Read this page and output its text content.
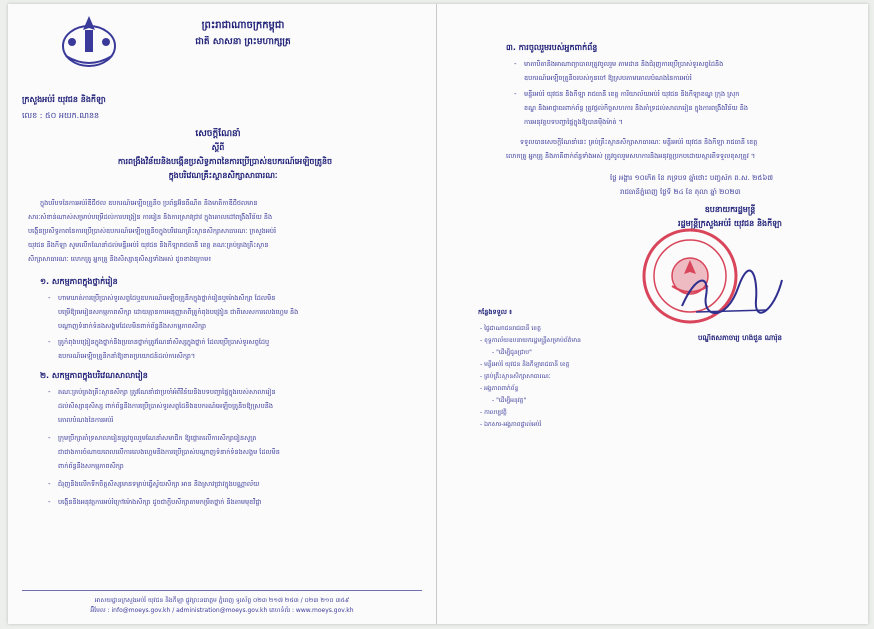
ព្រះរាជាណាចក្រកម្ពុជា
ជាតិ សាសនា ព្រះមហាក្សត្រ
ក្រសួងអប់រំ យុវជន និងកីឡា
លេខ : ៥០ អយក.ណនន
សេចក្តីណែនាំ
ស្តីពី
ការពង្រឹងវិន័យនិងបង្កើនប្រសិទ្ធភាពនៃការប្រើប្រាស់ឧបករណ៍អេឡិចត្រូនិច
ក្នុងបរិវេណគ្រឹះស្ថានសិក្សាសាធារណៈ
ក្នុងបរិបទនៃការអប់រំឌីជីថល ឧបករណ៍អេឡិចត្រូនិច ប្រព័ន្ធអ៊ីនធឺណិត និងមាតិកាឌីជីថលមាន
សារៈសំខាន់ណាស់សម្រាប់បម្រើដល់ការបង្រៀន ការរៀន និងការស្រាវជ្រាវ ក្នុងគោលដៅពង្រឹងវិន័យ និង
បង្កើនប្រសិទ្ធភាពនៃការប្រើប្រាស់ឧបករណ៍អេឡិចត្រូនិចក្នុងបរិវេណគ្រឹះស្ថានសិក្សាសាធារណៈ ក្រសួងអប់រំ
យុវជន និងកីឡា សូមលើកណែនាំដល់មន្ទីរអប់រំ យុវជន និងកីឡារាជធានី ខេត្ត គណៈគ្រប់គ្រងគ្រឹះស្ថាន
សិក្សាសាធារណៈ លោកគ្រូ អ្នកគ្រូ និងសិស្សានុសិស្សទាំងអស់ ដូចខាងក្រោម៖
១. សកម្មភាពក្នុងថ្នាក់រៀន
- ហាមឃាត់ការប្រើប្រាស់ទូរសព្ទដៃឬឧបករណ៍អេឡិចត្រូនិកក្នុងថ្នាក់រៀនឬម៉ោងសិក្សា ដែលមិន
បម្រើឱ្យមេរៀនសកម្មភាពសិក្សា ដោយគ្មានការអនុញ្ញាតពីគ្រូកំពុងបង្រៀន ជាពិសេសការលេងហ្គេម និង
បណ្ដាញទំនាក់ទំនងសង្គមដែលមិនពាក់ព័ន្ធនឹងសកម្មភាពសិក្សា
- គ្រូកំពុងបង្រៀនក្នុងថ្នាក់និងប្រធានថ្នាក់ត្រូវណែនាំសិស្សក្នុងថ្នាក់ ដែលប្រើប្រាស់ទូរសព្ទដៃឬ
ឧបករណ៍អេឡិចត្រូនិកនាំឱ្យខាតប្រយោជន៍ដល់ការសិក្សា។
២. សកម្មភាពក្នុងបរិវេណសាលារៀន
- គណៈគ្រប់គ្រងគ្រឹះស្ថានសិក្សា ត្រូវណែនាំជាប្រចាំអំពីវិន័យនិងបទបញ្ជាផ្ទៃក្នុងរបស់សាលារៀន
ដល់សិស្សានុសិស្ស ពាក់ព័ន្ធនឹងការប្រើប្រាស់ទូរសព្ទដៃនិងឧបករណ៍អេឡិចត្រូនិចឱ្យស្របនឹង
គោលបំណងនៃការអប់រំ
- ក្រុមប្រឹក្សាគាំទ្រសាលារៀនត្រូវចូលរួមណែនាំសមាជិក ឱ្យផ្ដោតលើការសិក្សារៀនសូត្រ
ជាជាងការចំណាយពេលលើការលេងហ្គេមនិងការប្រើប្រាស់បណ្ដាញទំនាក់ទំនងសង្គម ដែលមិន
ពាក់ព័ន្ធនឹងសកម្មភាពសិក្សា
- ជំរុញនិងលើកទឹកចិត្តសិស្សមានទម្លាប់ធ្វើស្វ័យសិក្សា អាន និងស្រាវជ្រាវក្នុងបណ្ណាល័យ
- បង្កើននិងអនុវត្តការអប់រំក្រៅម៉ោងសិក្សា ដូចជាក្លឹបសិក្សាតាមកម្រិតថ្នាក់ និងតាមមុខវិជ្ជា
អាសយដ្ឋានក្រសួងអប់រំ យុវជន និងកីឡា ផ្លូវព្រះនរោត្តម ភ្នំពេញ ទូរស័ព្ទ ០២៣ ២១៧ ២៥៣ / ០២៣ ២១០ ៣៥៩
អ៊ីមែល : info@moeys.gov.kh / administration@moeys.gov.kh គេហទំព័រ : www.moeys.gov.kh
៣. ការចូលរួមរបស់អ្នកពាក់ព័ន្ធ
- មាតាបិតានិងអាណាព្យាបាលត្រូវចូលរួម តាមដាន និងជំរុញការប្រើប្រាស់ទូរសព្ទដៃនិង
ឧបករណ៍អេឡិចត្រូនិចរបស់កូនចៅ ឱ្យស្របតាមគោលបំណងនៃការអប់រំ
- មន្ទីរអប់រំ យុវជន និងកីឡា រាជធានី ខេត្ត ការិយាល័យអប់រំ យុវជន និងកីឡាខណ្ឌ ក្រុង ស្រុក
ខណ្ឌ និងអាជ្ញាធរពាក់ព័ន្ធ ត្រូវផ្ដល់កិច្ចសហការ និងគាំទ្រដល់សាលារៀន ក្នុងការពង្រឹងវិន័យ និង
ការអនុវត្តបទបញ្ជាផ្ទៃក្នុងឱ្យបានម៉ឺងម៉ាត់ ។
ទទួលបានសេចក្តីណែនាំនេះ គ្រប់គ្រឹះស្ថានសិក្សាសាធារណៈ មន្ទីរអប់រំ យុវជន និងកីឡា រាជធានី ខេត្ត
លោកគ្រូ អ្នកគ្រូ និងភាគីពាក់ព័ន្ធទាំងអស់ ត្រូវចូលរួមសហការនិងអនុវត្តប្រកបដោយស្មារតីទទួលខុសត្រូវ ។
ថ្ងៃ អង្គារ ១០កើត ខែ ភទ្របទ ឆ្នាំថោះ បញ្ចស័ក ព.ស. ២៥៦៧
រាជធានីភ្នំពេញ ថ្ងៃទី ២៤ ខែ តុលា ឆ្នាំ ២០២៣
ឧបនាយករដ្ឋមន្ត្រី
រដ្ឋមន្ត្រីក្រសួងអប់រំ យុវជន និងកីឡា
បណ្ឌិតសភាចារ្យ ហង់ជួន ណារ៉ុន
កន្លែងទទួល ៖
- ផ្ទៃជាណាជនរាជធានី ខេត្ត
- ខុទ្ទកាល័យឧបនាយករដ្ឋមន្ត្រីសម្រាប់ព័ត៌មាន
- "ដើម្បីជូនជ្រាប"
- មន្ទីរអប់រំ យុវជន និងកីឡារាជធានី ខេត្ត
- គ្រប់គ្រឹះស្ថានសិក្សាសាធារណៈ
- អង្គភាពពាក់ព័ន្ធ
- "ដើម្បីអនុវត្ត"
- កាលប្បវត្តិ
- ឯកសារ-អង្គភាពផ្ទាល់អប់រំ
